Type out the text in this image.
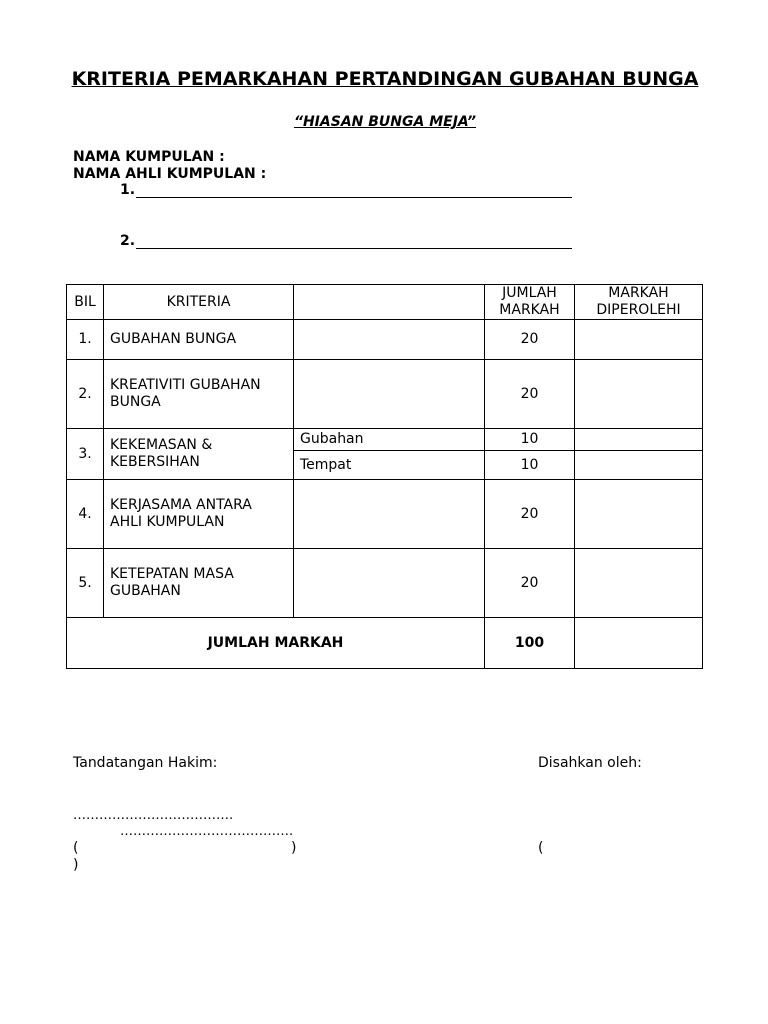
KRITERIA PEMARKAHAN PERTANDINGAN GUBAHAN BUNGA
“HIASAN BUNGA MEJA”
NAMA KUMPULAN :
NAMA AHLI KUMPULAN :
1.
2.
BIL	KRITERIA		JUMLAH MARKAH	MARKAH DIPEROLEHI
1.	GUBAHAN BUNGA		20	
2.	KREATIVITI GUBAHAN BUNGA		20	
3.	KEKEMASAN & KEBERSIHAN	Gubahan	10	
		Tempat	10	
4.	KERJASAMA ANTARA AHLI KUMPULAN		20	
5.	KETEPATAN MASA GUBAHAN		20	
JUMLAH MARKAH			100	
Tandatangan Hakim:	Disahkan oleh:
……………………………….
………………………………….
(	)	(
)
